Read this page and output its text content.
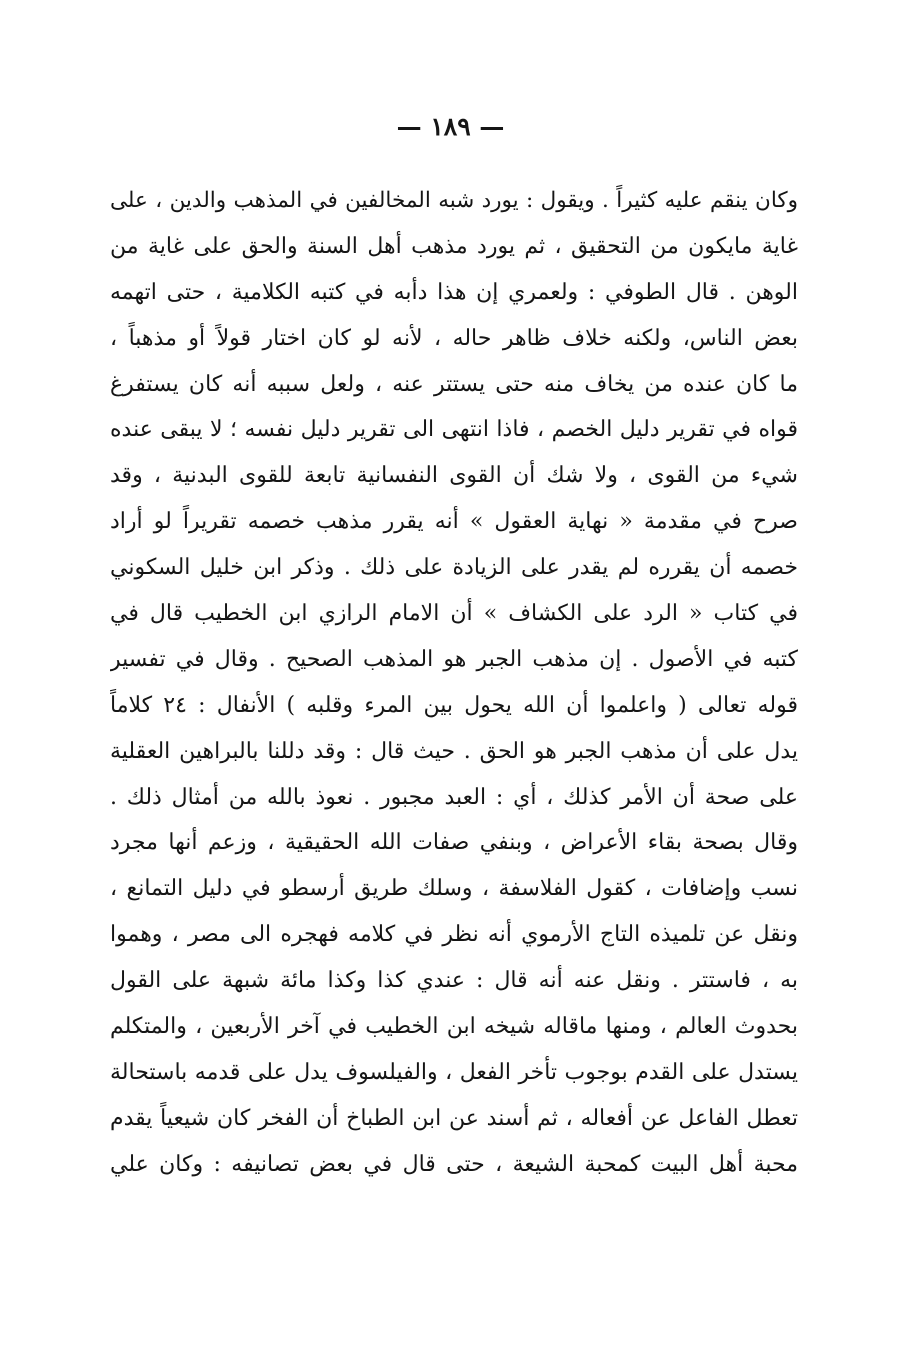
— ١٨٩ —
وكان ينقم عليه كثيراً . ويقول : يورد شبه المخالفين في المذهب والدين ، على
غاية مايكون من التحقيق ، ثم يورد مذهب أهل السنة والحق على غاية من
الوهن . قال الطوفي : ولعمري إن هذا دأبه في كتبه الكلامية ، حتى اتهمه
بعض الناس، ولكنه خلاف ظاهر حاله ، لأنه لو كان اختار قولاً أو مذهباً ،
ما كان عنده من يخاف منه حتى يستتر عنه ، ولعل سببه أنه كان يستفرغ
قواه في تقرير دليل الخصم ، فاذا انتهى الى تقرير دليل نفسه ؛ لا يبقى عنده
شيء من القوى ، ولا شك أن القوى النفسانية تابعة للقوى البدنية ، وقد
صرح في مقدمة « نهاية العقول » أنه يقرر مذهب خصمه تقريراً لو أراد
خصمه أن يقرره لم يقدر على الزيادة على ذلك . وذكر ابن خليل السكوني
في كتاب « الرد على الكشاف » أن الامام الرازي ابن الخطيب قال في
كتبه في الأصول . إن مذهب الجبر هو المذهب الصحيح . وقال في تفسير
قوله تعالى ( واعلموا أن الله يحول بين المرء وقلبه ) الأنفال : ٢٤ كلاماً
يدل على أن مذهب الجبر هو الحق . حيث قال : وقد دللنا بالبراهين العقلية
على صحة أن الأمر كذلك ، أي : العبد مجبور . نعوذ بالله من أمثال ذلك .
وقال بصحة بقاء الأعراض ، وبنفي صفات الله الحقيقية ، وزعم أنها مجرد
نسب وإضافات ، كقول الفلاسفة ، وسلك طريق أرسطو في دليل التمانع ،
ونقل عن تلميذه التاج الأرموي أنه نظر في كلامه فهجره الى مصر ، وهموا
به ، فاستتر . ونقل عنه أنه قال : عندي كذا وكذا مائة شبهة على القول
بحدوث العالم ، ومنها ماقاله شيخه ابن الخطيب في آخر الأربعين ، والمتكلم
يستدل على القدم بوجوب تأخر الفعل ، والفيلسوف يدل على قدمه باستحالة
تعطل الفاعل عن أفعاله ، ثم أسند عن ابن الطباخ أن الفخر كان شيعياً يقدم
محبة أهل البيت كمحبة الشيعة ، حتى قال في بعض تصانيفه : وكان علي
